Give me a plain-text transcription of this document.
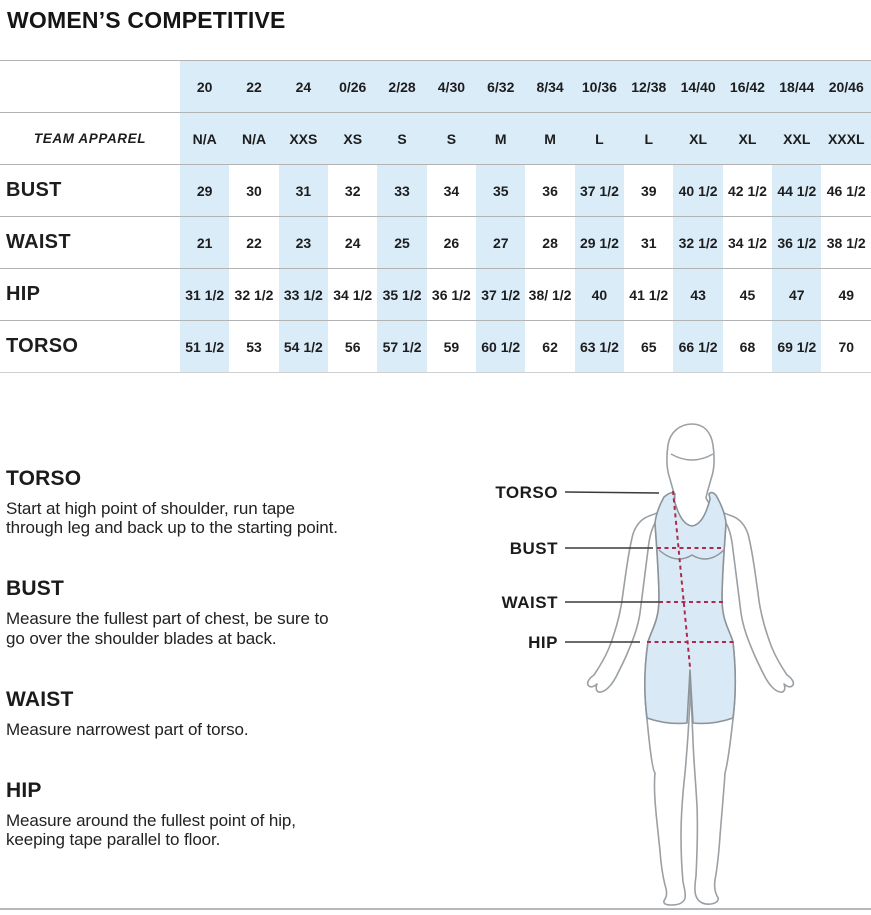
WOMEN’S COMPETITIVE
	20	22	24	0/26	2/28	4/30	6/32	8/34	10/36	12/38	14/40	16/42	18/44	20/46
TEAM APPAREL	N/A	N/A	XXS	XS	S	S	M	M	L	L	XL	XL	XXL	XXXL
BUST	29	30	31	32	33	34	35	36	37 1/2	39	40 1/2	42 1/2	44 1/2	46 1/2
WAIST	21	22	23	24	25	26	27	28	29 1/2	31	32 1/2	34 1/2	36 1/2	38 1/2
HIP	31 1/2	32 1/2	33 1/2	34 1/2	35 1/2	36 1/2	37 1/2	38/ 1/2	40	41 1/2	43	45	47	49
TORSO	51 1/2	53	54 1/2	56	57 1/2	59	60 1/2	62	63 1/2	65	66 1/2	68	69 1/2	70
TORSO

Start at high point of shoulder, run tape through leg and back up to the starting point.

BUST

Measure the fullest part of chest, be sure to go over the shoulder blades at back.

WAIST

Measure narrowest part of torso.

HIP

Measure around the fullest point of hip, keeping tape parallel to floor.

TORSO
BUST
WAIST
HIP
